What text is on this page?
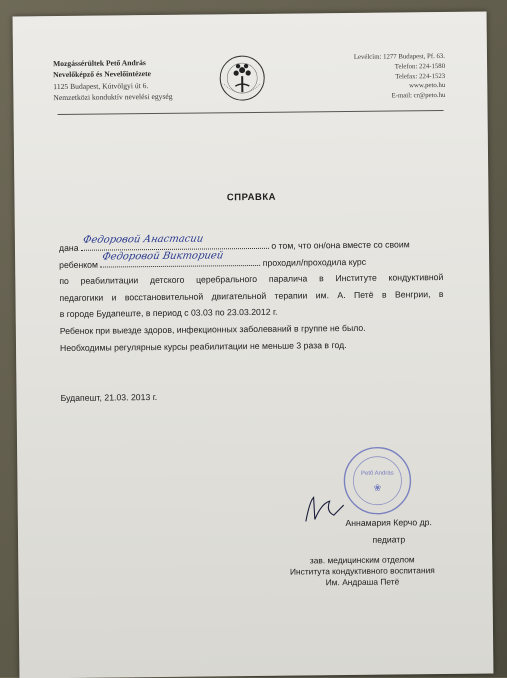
Mozgássérültek Pető András
Nevelőképző és Nevelőintézete
1125 Budapest, Kútvölgyi út 6.
Nemzetközi konduktív nevelési egység
Levélcím: 1277 Budapest, Pf. 63.
Telefon: 224-1580
Telefax: 224-1523
www.peto.hu
E-mail: cr@peto.hu
СПРАВКА
дана
Федоровой Анастасии	о том, что он/она вместе со своим
ребенком
Федоровой Викторией	проходил/проходила курс
по реабилитации детского церебрального паралича в Институте кондуктивной
педагогики и восстановительной двигательной терапии им. А. Петё в Венгрии, в
в городе Будапеште, в период с 03.03 по 23.03.2012 г.
Ребенок при выезде здоров, инфекционных заболеваний в группе не было.
Необходимы регулярные курсы реабилитации не меньше 3 раза в год.
Будапешт, 21.03. 2013 г.
Pető András
❀
Аннамария Керчо др.
педиатр
зав. медицинским отделом
Института кондуктивного воспитания
Им. Андраша Петё
